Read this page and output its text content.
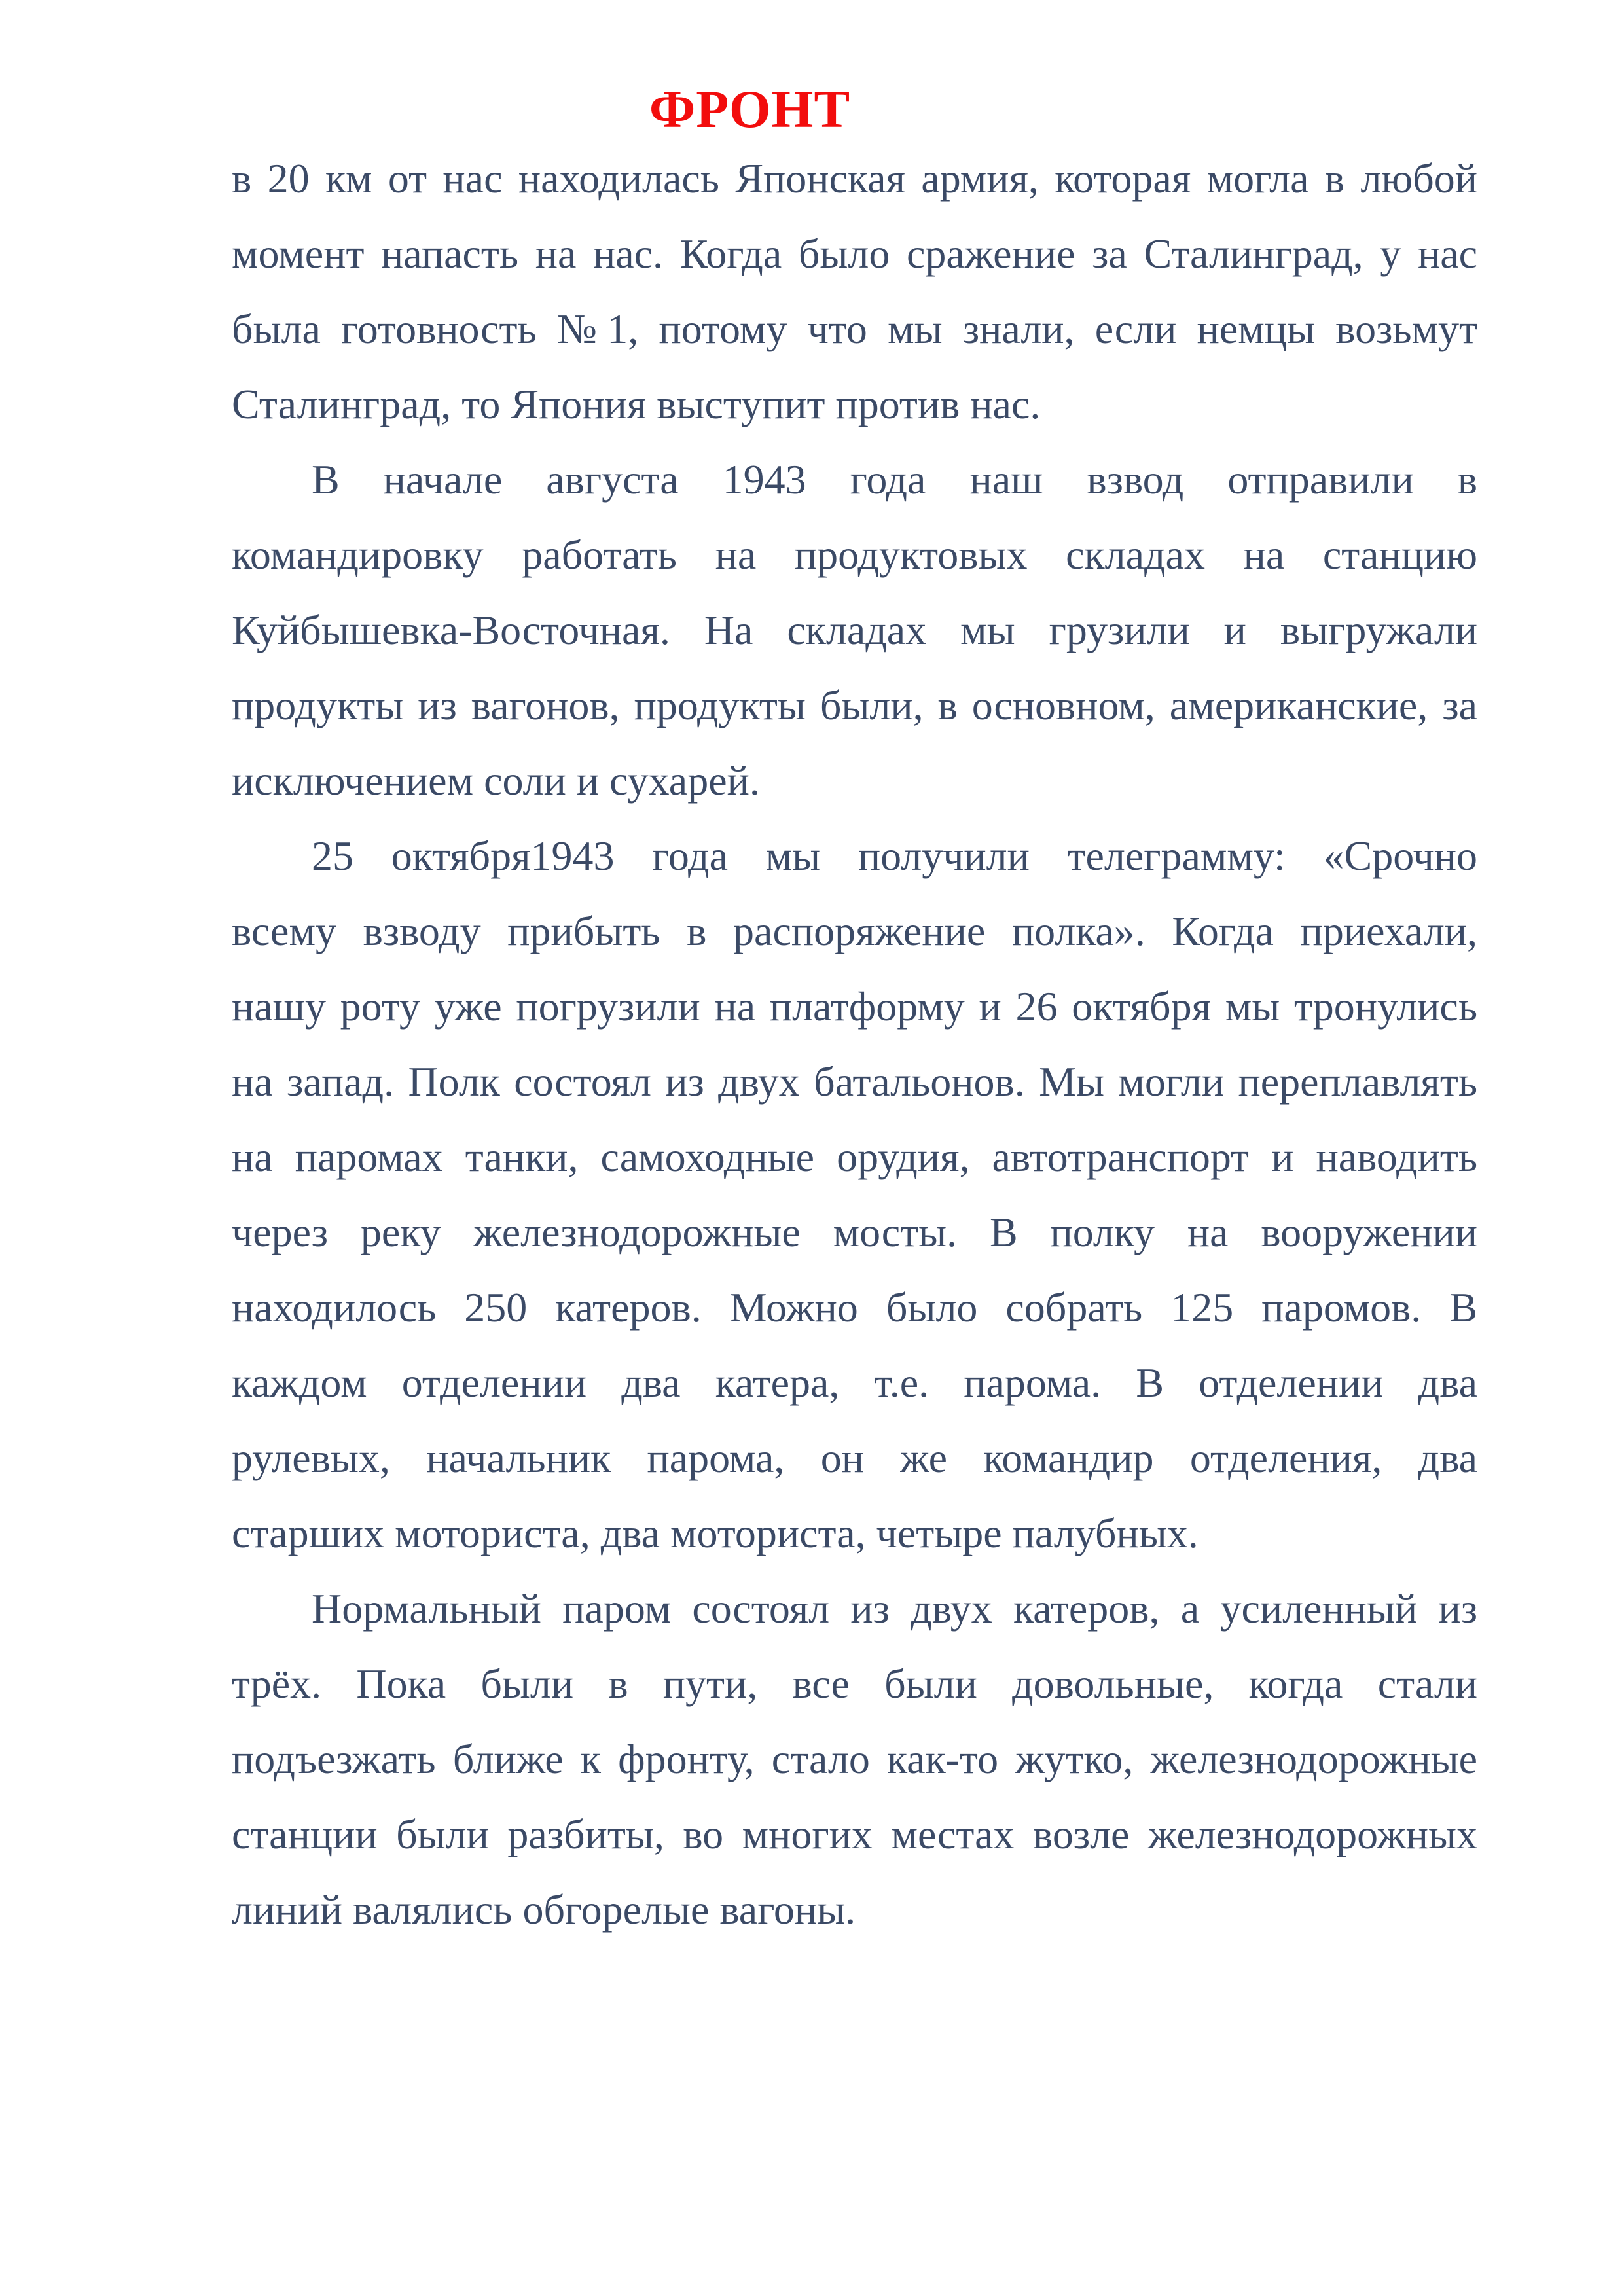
в 20 км от нас находилась Японская армия, которая могла в любой
момент напасть на нас. Когда было сражение за Сталинград, у нас
была готовность №1, потому что мы знали, если немцы возьмут
Сталинград, то Япония выступит против нас.
В начале августа 1943 года наш взвод отправили в
командировку работать на продуктовых складах на станцию
Куйбышевка-Восточная. На складах мы грузили и выгружали
продукты из вагонов, продукты были, в основном, американские, за
исключением соли и сухарей.
25 октября1943 года мы получили телеграмму: «Срочно
всему взводу прибыть в распоряжение полка». Когда приехали,
нашу роту уже погрузили на платформу и 26 октября мы тронулись
на запад. Полк состоял из двух батальонов. Мы могли переплавлять
на паромах танки, самоходные орудия, автотранспорт и наводить
через реку железнодорожные мосты. В полку на вооружении
находилось 250 катеров. Можно было собрать 125 паромов. В
каждом отделении два катера, т.е. парома. В отделении два
рулевых, начальник парома, он же командир отделения, два
старших моториста, два моториста, четыре палубных.
Нормальный паром состоял из двух катеров, а усиленный из
трёх. Пока были в пути, все были довольные, когда стали
подъезжать ближе к фронту, стало как-то жутко, железнодорожные
станции были разбиты, во многих местах возле железнодорожных
линий валялись обгорелые вагоны.
ФРОНТ
